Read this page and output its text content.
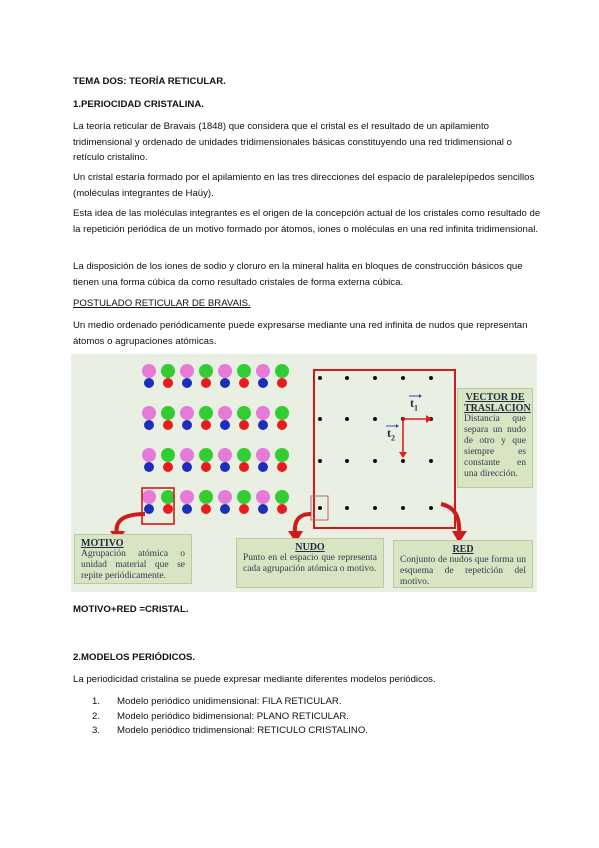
TEMA DOS: TEORÍA RETICULAR.
1.PERIOCIDAD CRISTALINA.
La teoría reticular de Bravais (1848) que considera que el cristal es el resultado de un apilamiento tridimensional y ordenado de unidades tridimensionales básicas constituyendo una red tridimensional o retículo cristalino.
Un cristal estaría formado por el apilamiento en las tres direcciones del espacio de paralelepípedos sencillos (moléculas integrantes de Haüy).
Esta idea de las moléculas integrantes es el origen de la concepción actual de los cristales como resultado de la repetición periódica de un motivo formado por átomos, iones o moléculas en una red infinita tridimensional.
La disposición de los iones de sodio y cloruro en la mineral halita en bloques de construcción básicos que tienen una forma cúbica da como resultado cristales de forma externa cúbica.
POSTULADO RETICULAR DE BRAVAIS.
Un medio ordenado periódicamente puede expresarse mediante una red infinita de nudos que representan átomos o agrupaciones atómicas.
$t_1$
$t_2$
VECTOR DE TRASLACION
Distancia que separa un nudo de otro y que siempre es constante en una dirección.
MOTIVO
Agrupación atómica o unidad material que se repite periódicamente.
NUDO
Punto en el espacio que representa cada agrupación atómica o motivo.
RED
Conjunto de nudos que forma un esquema de repetición del motivo.
MOTIVO+RED =CRISTAL.
2.MODELOS PERIÓDICOS.
La periodicidad cristalina se puede expresar mediante diferentes modelos periódicos.
1. Modelo periódico unidimensional: FILA RETICULAR.
2. Modelo periódico bidimensional: PLANO RETICULAR.
3. Modelo periódico tridimensional: RETICULO CRISTALINO.
